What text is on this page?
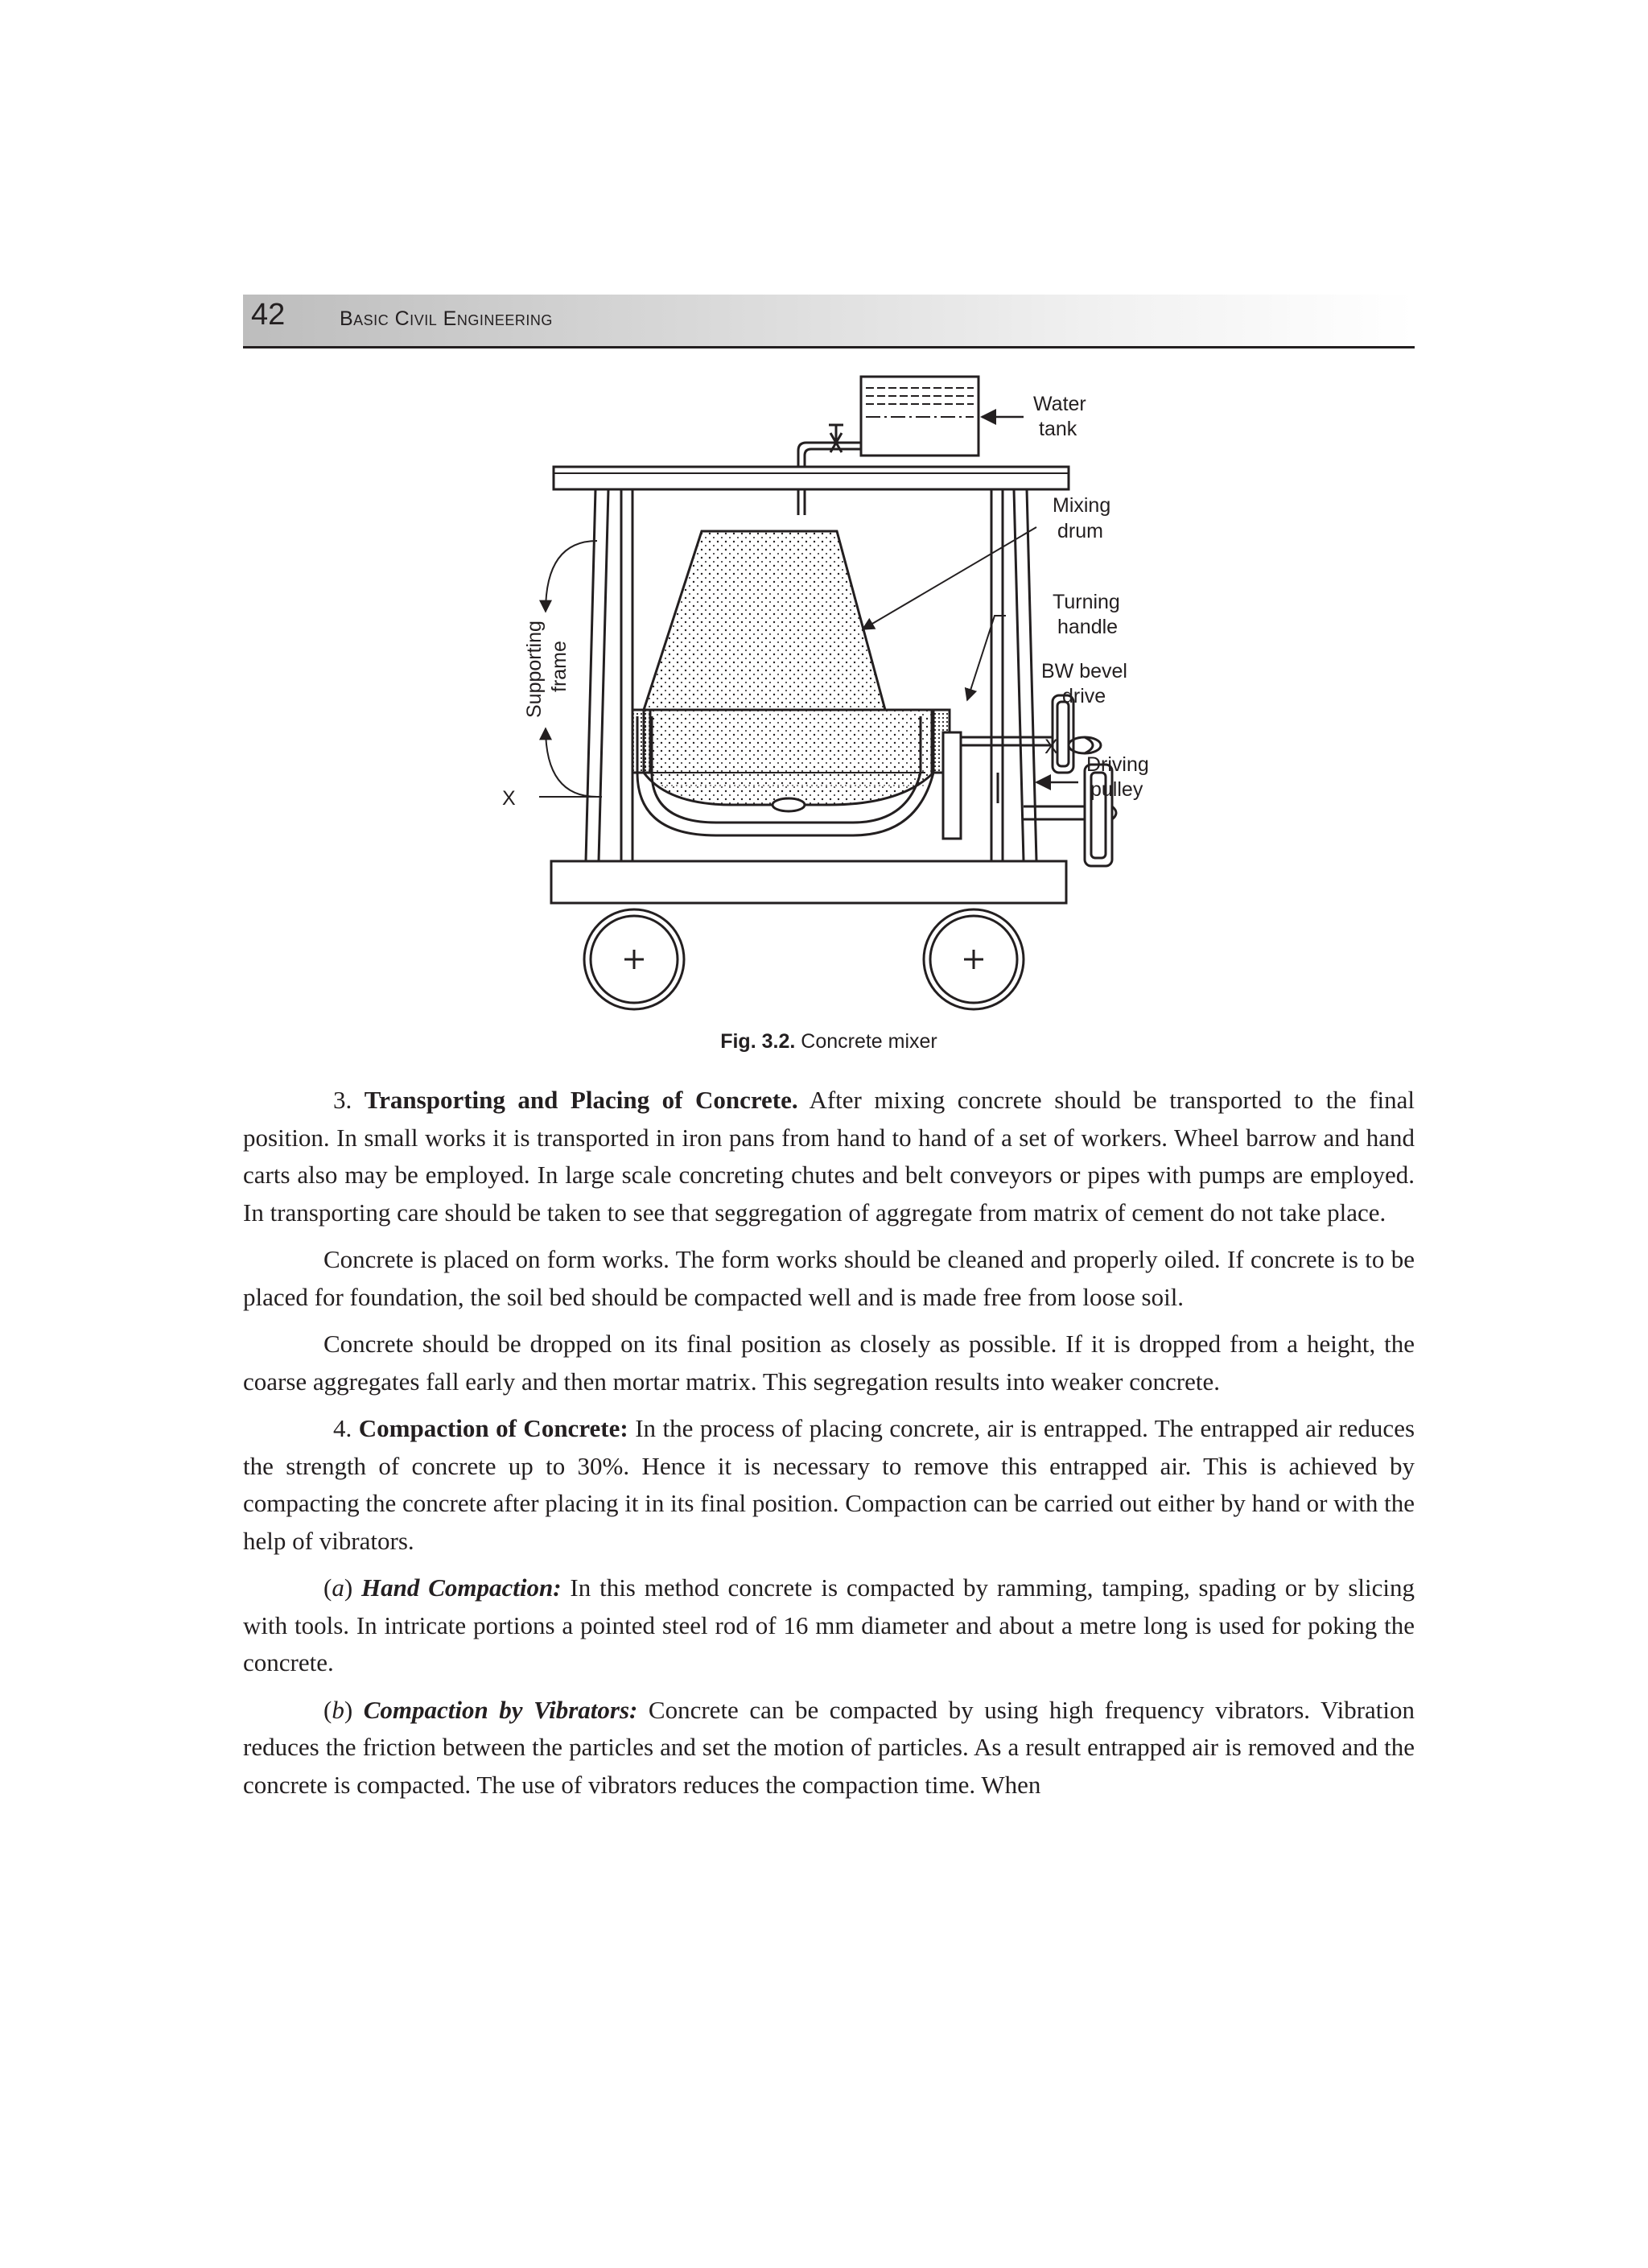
42	Basic Civil Engineering
Water
tank
Mixing
drum
Turning
handle
BW bevel
drive
X
Driving
pulley
Supporting frame
X
Fig. 3.2. Concrete mixer

3. Transporting and Placing of Concrete. After mixing concrete should be transported to the final position. In small works it is transported in iron pans from hand to hand of a set of workers. Wheel barrow and hand carts also may be employed. In large scale concreting chutes and belt conveyors or pipes with pumps are employed. In transporting care should be taken to see that seggregation of aggregate from matrix of cement do not take place.

Concrete is placed on form works. The form works should be cleaned and properly oiled. If concrete is to be placed for foundation, the soil bed should be compacted well and is made free from loose soil.

Concrete should be dropped on its final position as closely as possible. If it is dropped from a height, the coarse aggregates fall early and then mortar matrix. This segregation results into weaker concrete.

4. Compaction of Concrete: In the process of placing concrete, air is entrapped. The entrapped air reduces the strength of concrete up to 30%. Hence it is necessary to remove this entrapped air. This is achieved by compacting the concrete after placing it in its final position. Compaction can be carried out either by hand or with the help of vibrators.

(a) Hand Compaction: In this method concrete is compacted by ramming, tamping, spading or by slicing with tools. In intricate portions a pointed steel rod of 16 mm diameter and about a metre long is used for poking the concrete.

(b) Compaction by Vibrators: Concrete can be compacted by using high frequency vibrators. Vibration reduces the friction between the particles and set the motion of particles. As a result entrapped air is removed and the concrete is compacted. The use of vibrators reduces the compaction time. When
